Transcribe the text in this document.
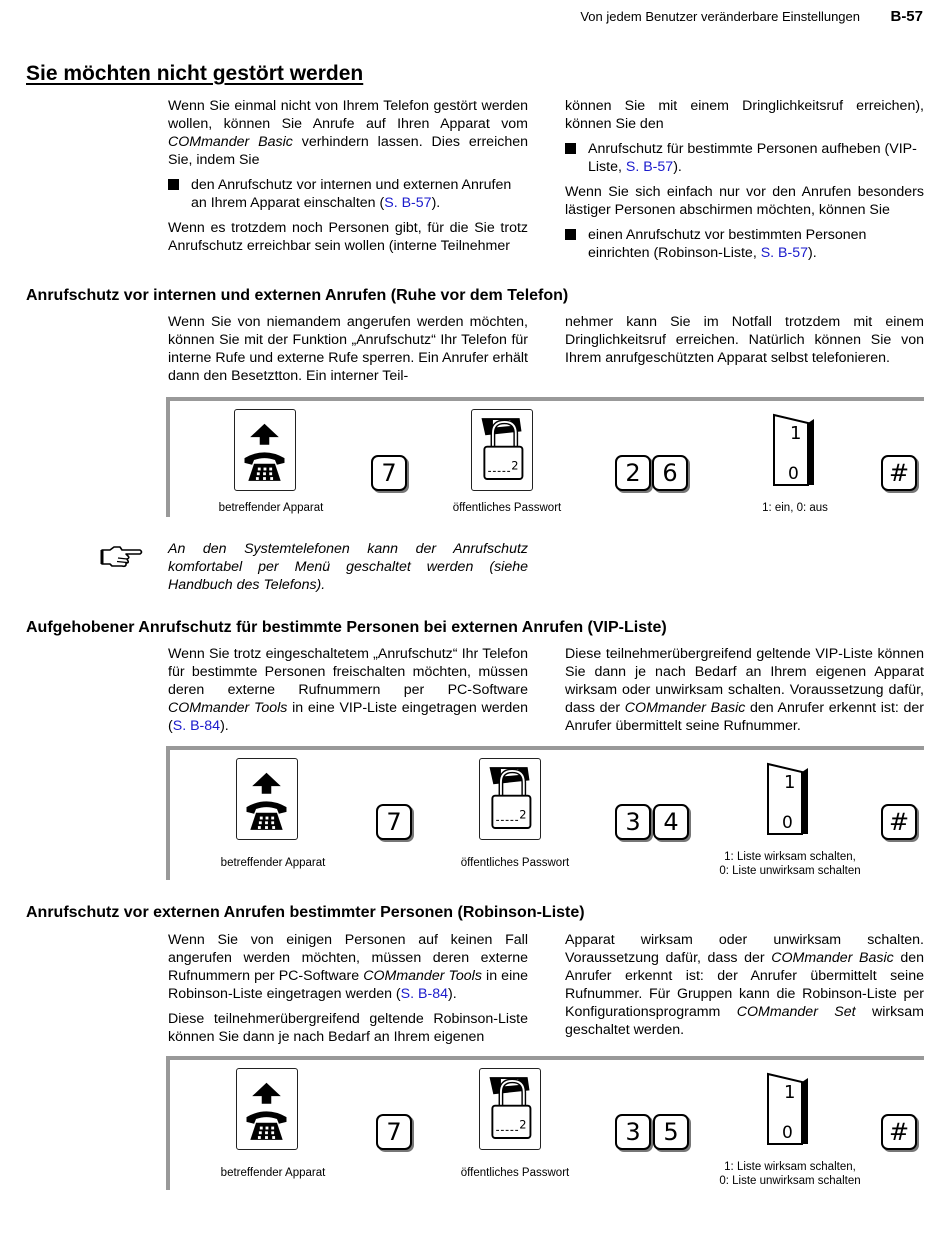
Von jedem Benutzer veränderbare Einstellungen B-57
Sie möchten nicht gestört werden

Wenn Sie einmal nicht von Ihrem Telefon gestört werden wollen, können Sie Anrufe auf Ihren Apparat vom COMmander Basic verhindern lassen. Dies erreichen Sie, indem Sie

den Anrufschutz vor internen und externen Anrufen an Ihrem Apparat einschalten (S. B-57).

Wenn es trotzdem noch Personen gibt, für die Sie trotz Anrufschutz erreichbar sein wollen (interne Teilnehmer

können Sie mit einem Dringlichkeitsruf erreichen), können Sie den

Anrufschutz für bestimmte Personen aufheben (VIP-Liste, S. B-57).

Wenn Sie sich einfach nur vor den Anrufen besonders lästiger Personen abschirmen möchten, können Sie

einen Anrufschutz vor bestimmten Personen einrichten (Robinson-Liste, S. B-57).
Anrufschutz vor internen und externen Anrufen (Ruhe vor dem Telefon)
Wenn Sie von niemandem angerufen werden möchten, können Sie mit der Funktion „Anrufschutz“ Ihr Telefon für interne Rufe und externe Rufe sperren. Ein Anrufer erhält dann den Besetztton. Ein interner Teil-
nehmer kann Sie im Notfall trotzdem mit einem Dringlichkeitsruf erreichen. Natürlich können Sie von Ihrem anrufgeschützten Apparat selbst telefonieren.
7	2	2 6
1
0	#
betreffender Apparat	öffentliches Passwort	1: ein, 0: aus
An den Systemtelefonen kann der Anrufschutz komfortabel per Menü geschaltet werden (siehe Handbuch des Telefons).
Aufgehobener Anrufschutz für bestimmte Personen bei externen Anrufen (VIP-Liste)
Wenn Sie trotz eingeschaltetem „Anrufschutz“ Ihr Telefon für bestimmte Personen freischalten möchten, müssen deren externe Rufnummern per PC-Software COMmander Tools in eine VIP-Liste eingetragen werden (S. B-84).
Diese teilnehmerübergreifend geltende VIP-Liste können Sie dann je nach Bedarf an Ihrem eigenen Apparat wirksam oder unwirksam schalten. Voraussetzung dafür, dass der COMmander Basic den Anrufer erkennt ist: der Anrufer übermittelt seine Rufnummer.
7	2	3 4
1
0	#
betreffender Apparat	öffentliches Passwort	1: Liste wirksam schalten,
0: Liste unwirksam schalten
Anrufschutz vor externen Anrufen bestimmter Personen (Robinson-Liste)

Wenn Sie von einigen Personen auf keinen Fall angerufen werden möchten, müssen deren externe Rufnummern per PC-Software COMmander Tools in eine Robinson-Liste eingetragen werden (S. B-84).

Diese teilnehmerübergreifend geltende Robinson-Liste können Sie dann je nach Bedarf an Ihrem eigenen

Apparat wirksam oder unwirksam schalten. Voraussetzung dafür, dass der COMmander Basic den Anrufer erkennt ist: der Anrufer übermittelt seine Rufnummer. Für Gruppen kann die Robinson-Liste per Konfigurationsprogramm COMmander Set wirksam geschaltet werden.
7	2	3 5
1
0	#
betreffender Apparat	öffentliches Passwort	1: Liste wirksam schalten,
0: Liste unwirksam schalten
